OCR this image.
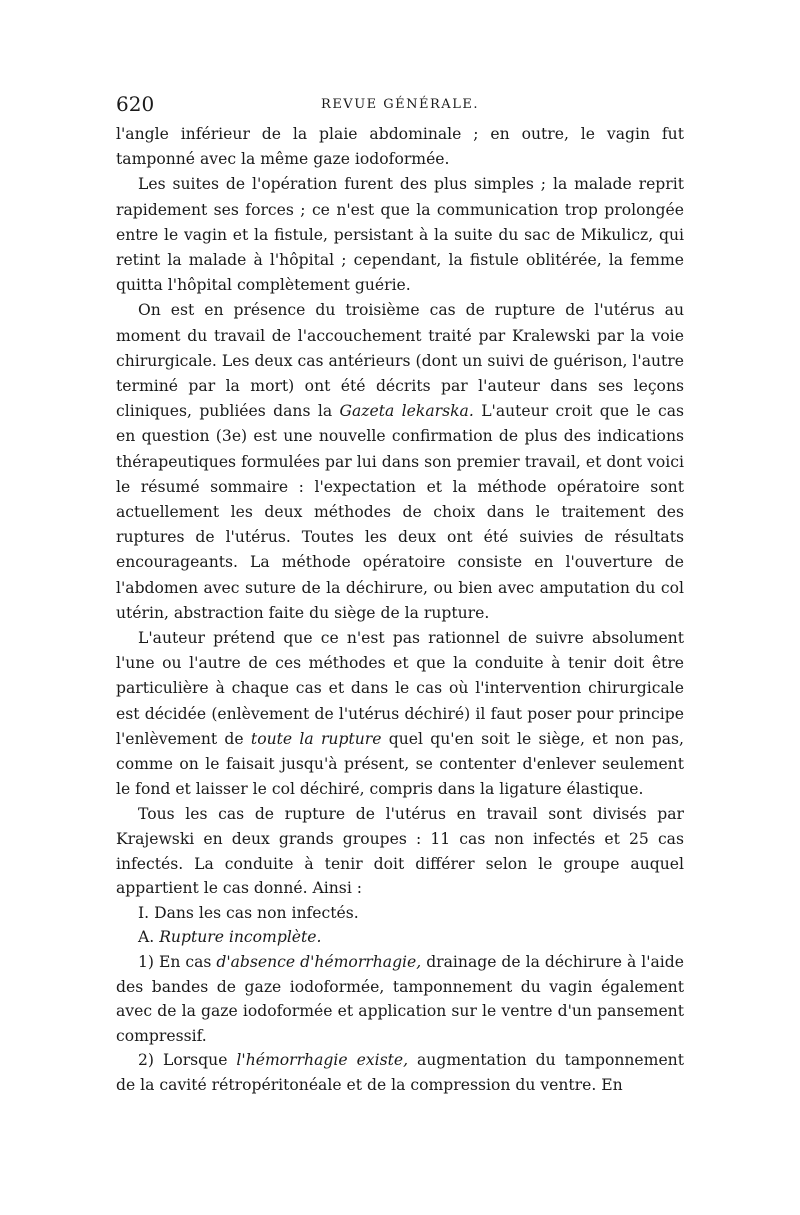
620	REVUE GÉNÉRALE.

l'angle inférieur de la plaie abdominale ; en outre, le vagin fut tamponné avec la même gaze iodoformée.

Les suites de l'opération furent des plus simples ; la malade reprit rapidement ses forces ; ce n'est que la communication trop prolongée entre le vagin et la fistule, persistant à la suite du sac de Mikulicz, qui retint la malade à l'hôpital ; cependant, la fistule oblitérée, la femme quitta l'hôpital complètement guérie.

On est en présence du troisième cas de rupture de l'utérus au moment du travail de l'accouchement traité par Kralewski par la voie chirurgicale. Les deux cas antérieurs (dont un suivi de guérison, l'autre terminé par la mort) ont été décrits par l'auteur dans ses leçons cliniques, publiées dans la Gazeta lekarska. L'auteur croit que le cas en question (3e) est une nouvelle confirmation de plus des indications thérapeutiques formulées par lui dans son premier travail, et dont voici le résumé sommaire : l'expectation et la méthode opératoire sont actuellement les deux méthodes de choix dans le traitement des ruptures de l'utérus. Toutes les deux ont été suivies de résultats encourageants. La méthode opératoire consiste en l'ouverture de l'abdomen avec suture de la déchirure, ou bien avec amputation du col utérin, abstraction faite du siège de la rupture.

L'auteur prétend que ce n'est pas rationnel de suivre absolument l'une ou l'autre de ces méthodes et que la conduite à tenir doit être particulière à chaque cas et dans le cas où l'intervention chirurgicale est décidée (enlèvement de l'utérus déchiré) il faut poser pour principe l'enlèvement de toute la rupture quel qu'en soit le siège, et non pas, comme on le faisait jusqu'à présent, se contenter d'enlever seulement le fond et laisser le col déchiré, compris dans la ligature élastique.

Tous les cas de rupture de l'utérus en travail sont divisés par Krajewski en deux grands groupes : 11 cas non infectés et 25 cas infectés. La conduite à tenir doit différer selon le groupe auquel appartient le cas donné. Ainsi :

I. Dans les cas non infectés.

A. Rupture incomplète.

1) En cas d'absence d'hémorrhagie, drainage de la déchirure à l'aide des bandes de gaze iodoformée, tamponnement du vagin également avec de la gaze iodoformée et application sur le ventre d'un pansement compressif.

2) Lorsque l'hémorrhagie existe, augmentation du tamponnement de la cavité rétropéritonéale et de la compression du ventre. En
